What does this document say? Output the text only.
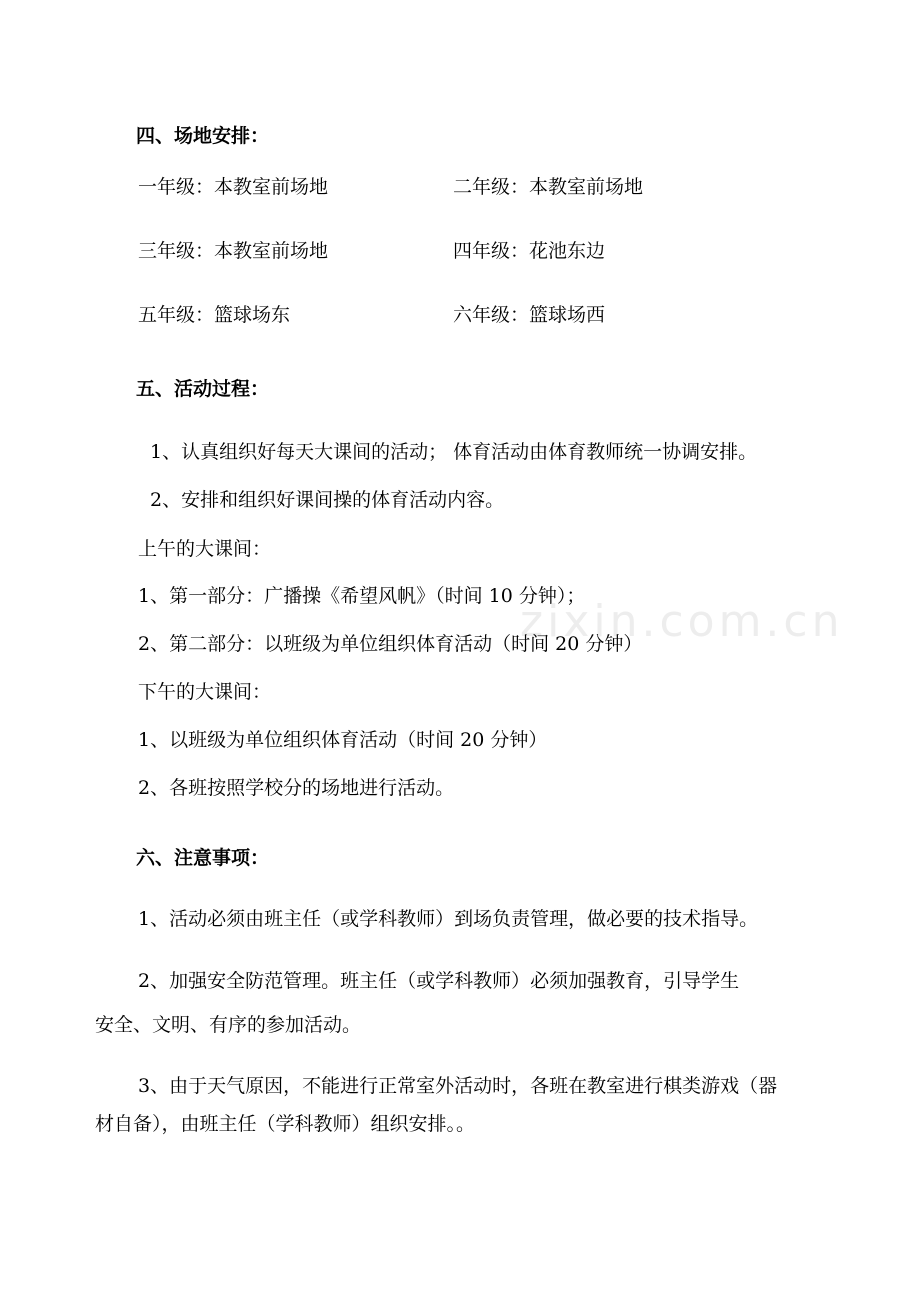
zixin.com.cn
四、场地安排：
一年级：本教室前场地	二年级：本教室前场地
三年级：本教室前场地	四年级：花池东边
五年级：篮球场东	六年级：篮球场西
五、活动过程：
1、认真组织好每天大课间的活动； 体育活动由体育教师统一协调安排。
2、安排和组织好课间操的体育活动内容。
上午的大课间：
1、第一部分：广播操《希望风帆》（时间 10 分钟）；
2、第二部分：以班级为单位组织体育活动（时间 20 分钟）
下午的大课间：
1、以班级为单位组织体育活动（时间 20 分钟）
2、各班按照学校分的场地进行活动。
六、注意事项：
1、活动必须由班主任（或学科教师）到场负责管理，做必要的技术指导。
2、加强安全防范管理。班主任（或学科教师）必须加强教育，引导学生
安全、文明、有序的参加活动。
3、由于天气原因，不能进行正常室外活动时，各班在教室进行棋类游戏（器
材自备），由班主任（学科教师）组织安排。。
